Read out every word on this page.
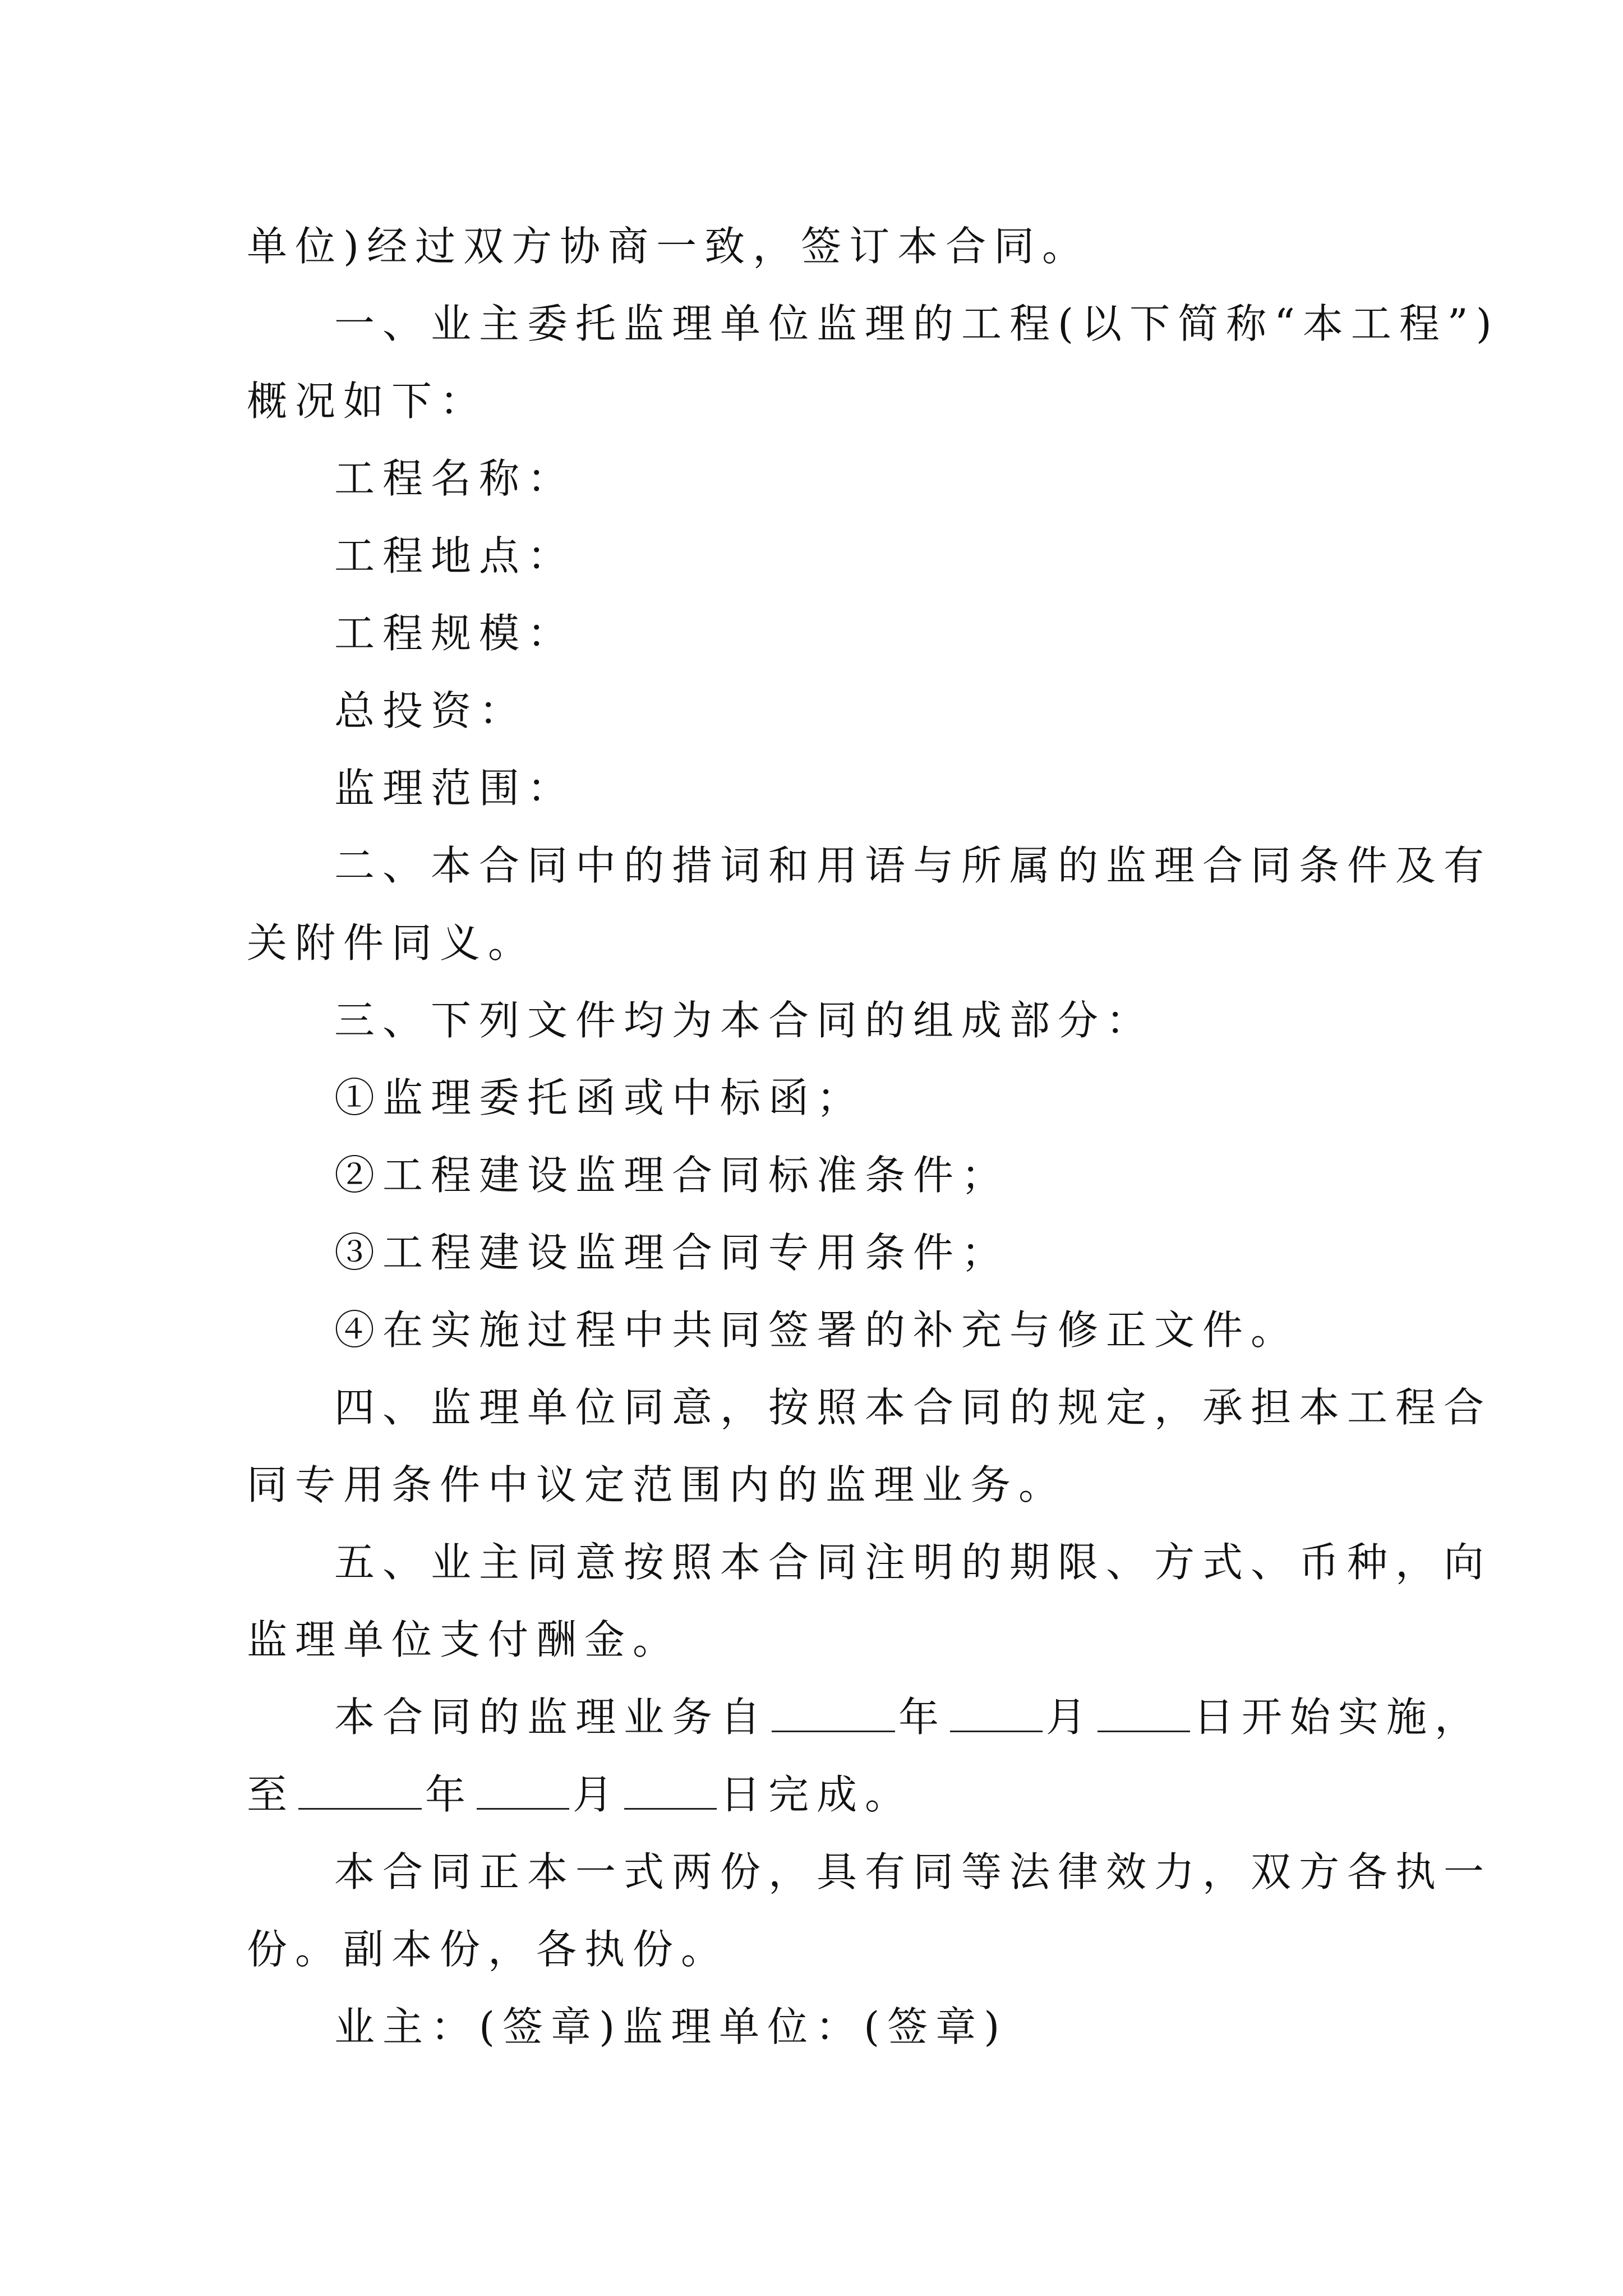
单位)经过双方协商一致，签订本合同。
一、业主委托监理单位监理的工程(以下简称“本工程”)
概况如下：
工程名称：
工程地点：
工程规模：
总投资：
监理范围：
二、本合同中的措词和用语与所属的监理合同条件及有
关附件同义。
三、下列文件均为本合同的组成部分：
①监理委托函或中标函；
②工程建设监理合同标准条件；
③工程建设监理合同专用条件；
④在实施过程中共同签署的补充与修正文件。
四、监理单位同意，按照本合同的规定，承担本工程合
同专用条件中议定范围内的监理业务。
五、业主同意按照本合同注明的期限、方式、币种，向
监理单位支付酬金。
本合同的监理业务自	年 月 日开始实施，
至	年 月 日完成。
本合同正本一式两份，具有同等法律效力，双方各执一
份。副本份，各执份。
业主：(签章)监理单位：(签章)
